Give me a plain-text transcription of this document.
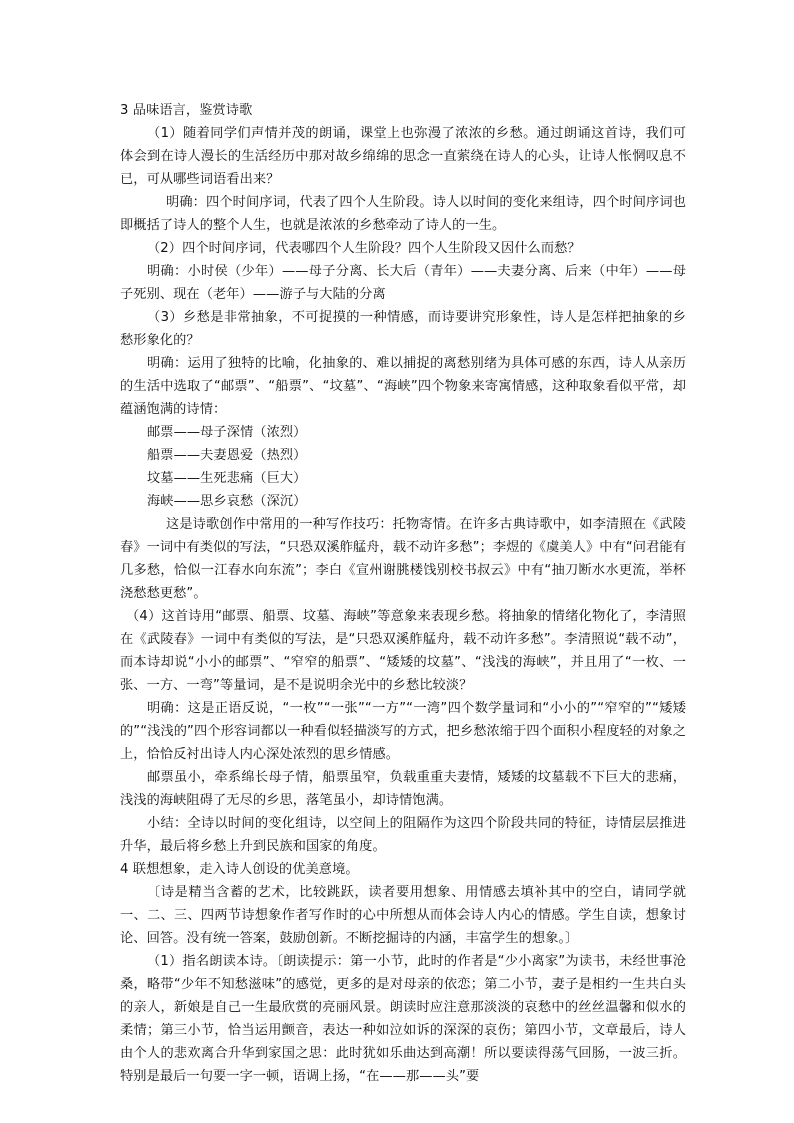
3 品味语言，鉴赏诗歌

（1）随着同学们声情并茂的朗诵，课堂上也弥漫了浓浓的乡愁。通过朗诵这首诗，我们可体会到在诗人漫长的生活经历中那对故乡绵绵的思念一直萦绕在诗人的心头，让诗人怅惘叹息不已，可从哪些词语看出来？

明确：四个时间序词，代表了四个人生阶段。诗人以时间的变化来组诗，四个时间序词也即概括了诗人的整个人生，也就是浓浓的乡愁牵动了诗人的一生。

（2）四个时间序词，代表哪四个人生阶段？四个人生阶段又因什么而愁？

明确：小时侯（少年）——母子分离、长大后（青年）——夫妻分离、后来（中年）——母子死别、现在（老年）——游子与大陆的分离

（3）乡愁是非常抽象，不可捉摸的一种情感，而诗要讲究形象性，诗人是怎样把抽象的乡愁形象化的？

明确：运用了独特的比喻，化抽象的、难以捕捉的离愁别绪为具体可感的东西，诗人从亲历的生活中选取了“邮票”、“船票”、“坟墓”、“海峡”四个物象来寄寓情感，这种取象看似平常，却蕴涵饱满的诗情：

邮票——母子深情（浓烈）

船票——夫妻恩爱（热烈）

坟墓——生死悲痛（巨大）

海峡——思乡哀愁（深沉）

这是诗歌创作中常用的一种写作技巧：托物寄情。在许多古典诗歌中，如李清照在《武陵春》一词中有类似的写法，“只恐双溪舴艋舟，载不动许多愁”；李煜的《虞美人》中有“问君能有几多愁，恰似一江春水向东流”；李白《宣州谢朓楼饯别校书叔云》中有“抽刀断水水更流，举杯浇愁愁更愁”。

（4）这首诗用“邮票、船票、坟墓、海峡”等意象来表现乡愁。将抽象的情绪化物化了，李清照在《武陵春》一词中有类似的写法，是“只恐双溪舴艋舟，载不动许多愁”。李清照说“载不动”，而本诗却说“小小的邮票”、“窄窄的船票”、“矮矮的坟墓”、“浅浅的海峡”，并且用了“一枚、一张、一方、一弯”等量词，是不是说明余光中的乡愁比较淡？

明确：这是正语反说，“一枚”“一张”“一方”“一湾”四个数学量词和“小小的”“窄窄的”“矮矮的”“浅浅的”四个形容词都以一种看似轻描淡写的方式，把乡愁浓缩于四个面积小程度轻的对象之上，恰恰反衬出诗人内心深处浓烈的思乡情感。

邮票虽小，牵系绵长母子情，船票虽窄，负载重重夫妻情，矮矮的坟墓载不下巨大的悲痛，浅浅的海峡阻碍了无尽的乡思，落笔虽小，却诗情饱满。

小结：全诗以时间的变化组诗，以空间上的阻隔作为这四个阶段共同的特征，诗情层层推进升华，最后将乡愁上升到民族和国家的角度。

4 联想想象，走入诗人创设的优美意境。

〔诗是精当含蓄的艺术，比较跳跃，读者要用想象、用情感去填补其中的空白，请同学就一、二、三、四两节诗想象作者写作时的心中所想从而体会诗人内心的情感。学生自读，想象讨论、回答。没有统一答案，鼓励创新。不断挖掘诗的内涵，丰富学生的想象。〕

（1）指名朗读本诗。〔朗读提示：第一小节，此时的作者是“少小离家”为读书，未经世事沧桑，略带“少年不知愁滋味”的感觉，更多的是对母亲的依恋；第二小节，妻子是相约一生共白头的亲人，新娘是自己一生最欣赏的亮丽风景。朗读时应注意那淡淡的哀愁中的丝丝温馨和似水的柔情；第三小节，恰当运用颤音，表达一种如泣如诉的深深的哀伤；第四小节，文章最后，诗人由个人的悲欢离合升华到家国之思：此时犹如乐曲达到高潮！所以要读得荡气回肠，一波三折。特别是最后一句要一字一顿，语调上扬，“在——那——头”要
